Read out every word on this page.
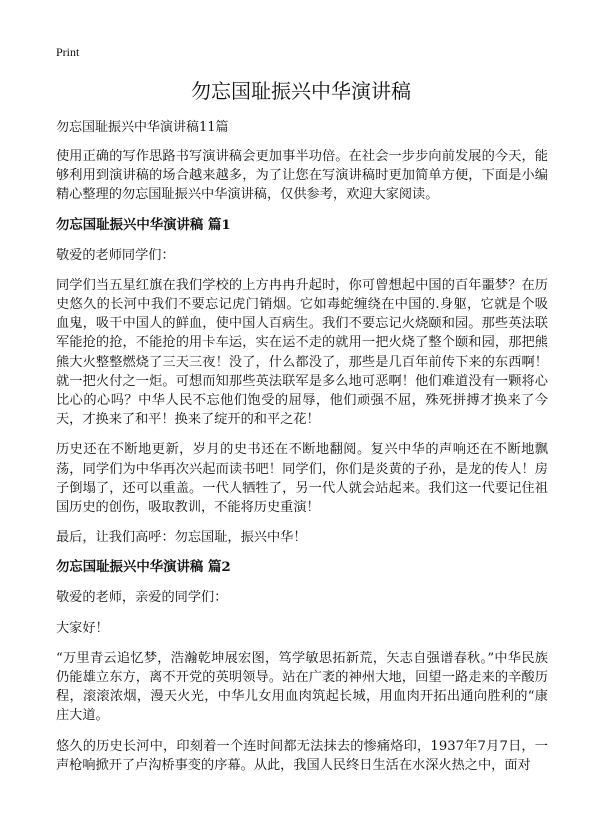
Print
勿忘国耻振兴中华演讲稿
勿忘国耻振兴中华演讲稿11篇

使用正确的写作思路书写演讲稿会更加事半功倍。在社会一步步向前发展的今天，能够利用到演讲稿的场合越来越多，为了让您在写演讲稿时更加简单方便，下面是小编精心整理的勿忘国耻振兴中华演讲稿，仅供参考，欢迎大家阅读。

勿忘国耻振兴中华演讲稿 篇1

敬爱的老师同学们：

同学们当五星红旗在我们学校的上方冉冉升起时，你可曾想起中国的百年噩梦？在历史悠久的长河中我们不要忘记虎门销烟。它如毒蛇缠绕在中国的.身躯，它就是个吸血鬼，吸干中国人的鲜血，使中国人百病生。我们不要忘记火烧颐和园。那些英法联军能抢的抢，不能抢的用卡车运，实在运不走的就用一把火烧了整个颐和园，那把熊熊大火整整燃烧了三天三夜！没了，什么都没了，那些是几百年前传下来的东西啊！就一把火付之一炬。可想而知那些英法联军是多么地可恶啊！他们难道没有一颗将心比心的心吗？中华人民不忘他们饱受的屈辱，他们顽强不屈，殊死拼搏才换来了今天，才换来了和平！换来了绽开的和平之花！

历史还在不断地更新，岁月的史书还在不断地翻阅。复兴中华的声响还在不断地飘荡，同学们为中华再次兴起而读书吧！同学们，你们是炎黄的子孙，是龙的传人！房子倒塌了，还可以重盖。一代人牺牲了，另一代人就会站起来。我们这一代要记住祖国历史的创伤，吸取教训，不能将历史重演！

最后，让我们高呼：勿忘国耻，振兴中华！

勿忘国耻振兴中华演讲稿 篇2

敬爱的老师，亲爱的同学们：

大家好！

“万里青云追忆梦，浩瀚乾坤展宏图，笃学敏思拓新荒，矢志自强谱春秋。”中华民族仍能雄立东方，离不开党的英明领导。站在广袤的神州大地，回望一路走来的辛酸历程，滚滚浓烟，漫天火光，中华儿女用血肉筑起长城，用血肉开拓出通向胜利的“康庄大道。

悠久的历史长河中，印刻着一个连时间都无法抹去的惨痛烙印，1937年7月7日，一声枪响掀开了卢沟桥事变的序幕。从此，我国人民终日生活在水深火热之中，面对
